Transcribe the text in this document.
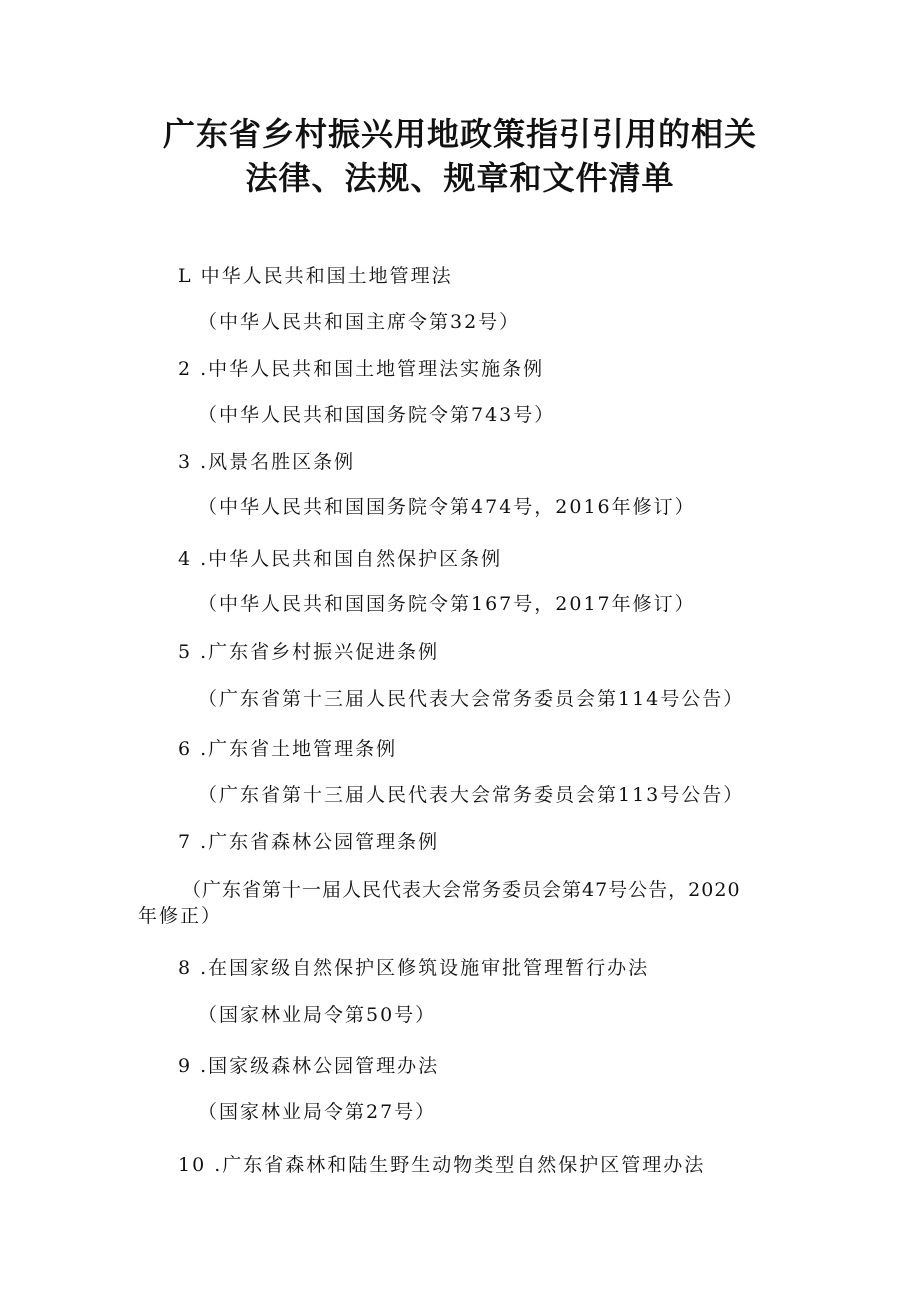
广东省乡村振兴用地政策指引引用的相关
法律、法规、规章和文件清单
L 中华人民共和国土地管理法
（中华人民共和国主席令第32号）
2 .中华人民共和国土地管理法实施条例
（中华人民共和国国务院令第743号）
3 .风景名胜区条例
（中华人民共和国国务院令第474号，2016年修订）
4 .中华人民共和国自然保护区条例
（中华人民共和国国务院令第167号，2017年修订）
5 .广东省乡村振兴促进条例
（广东省第十三届人民代表大会常务委员会第114号公告）
6 .广东省土地管理条例
（广东省第十三届人民代表大会常务委员会第113号公告）
7 .广东省森林公园管理条例
（广东省第十一届人民代表大会常务委员会第47号公告，2020
年修正）
8 .在国家级自然保护区修筑设施审批管理暂行办法
（国家林业局令第50号）
9 .国家级森林公园管理办法
（国家林业局令第27号）
10 .广东省森林和陆生野生动物类型自然保护区管理办法
